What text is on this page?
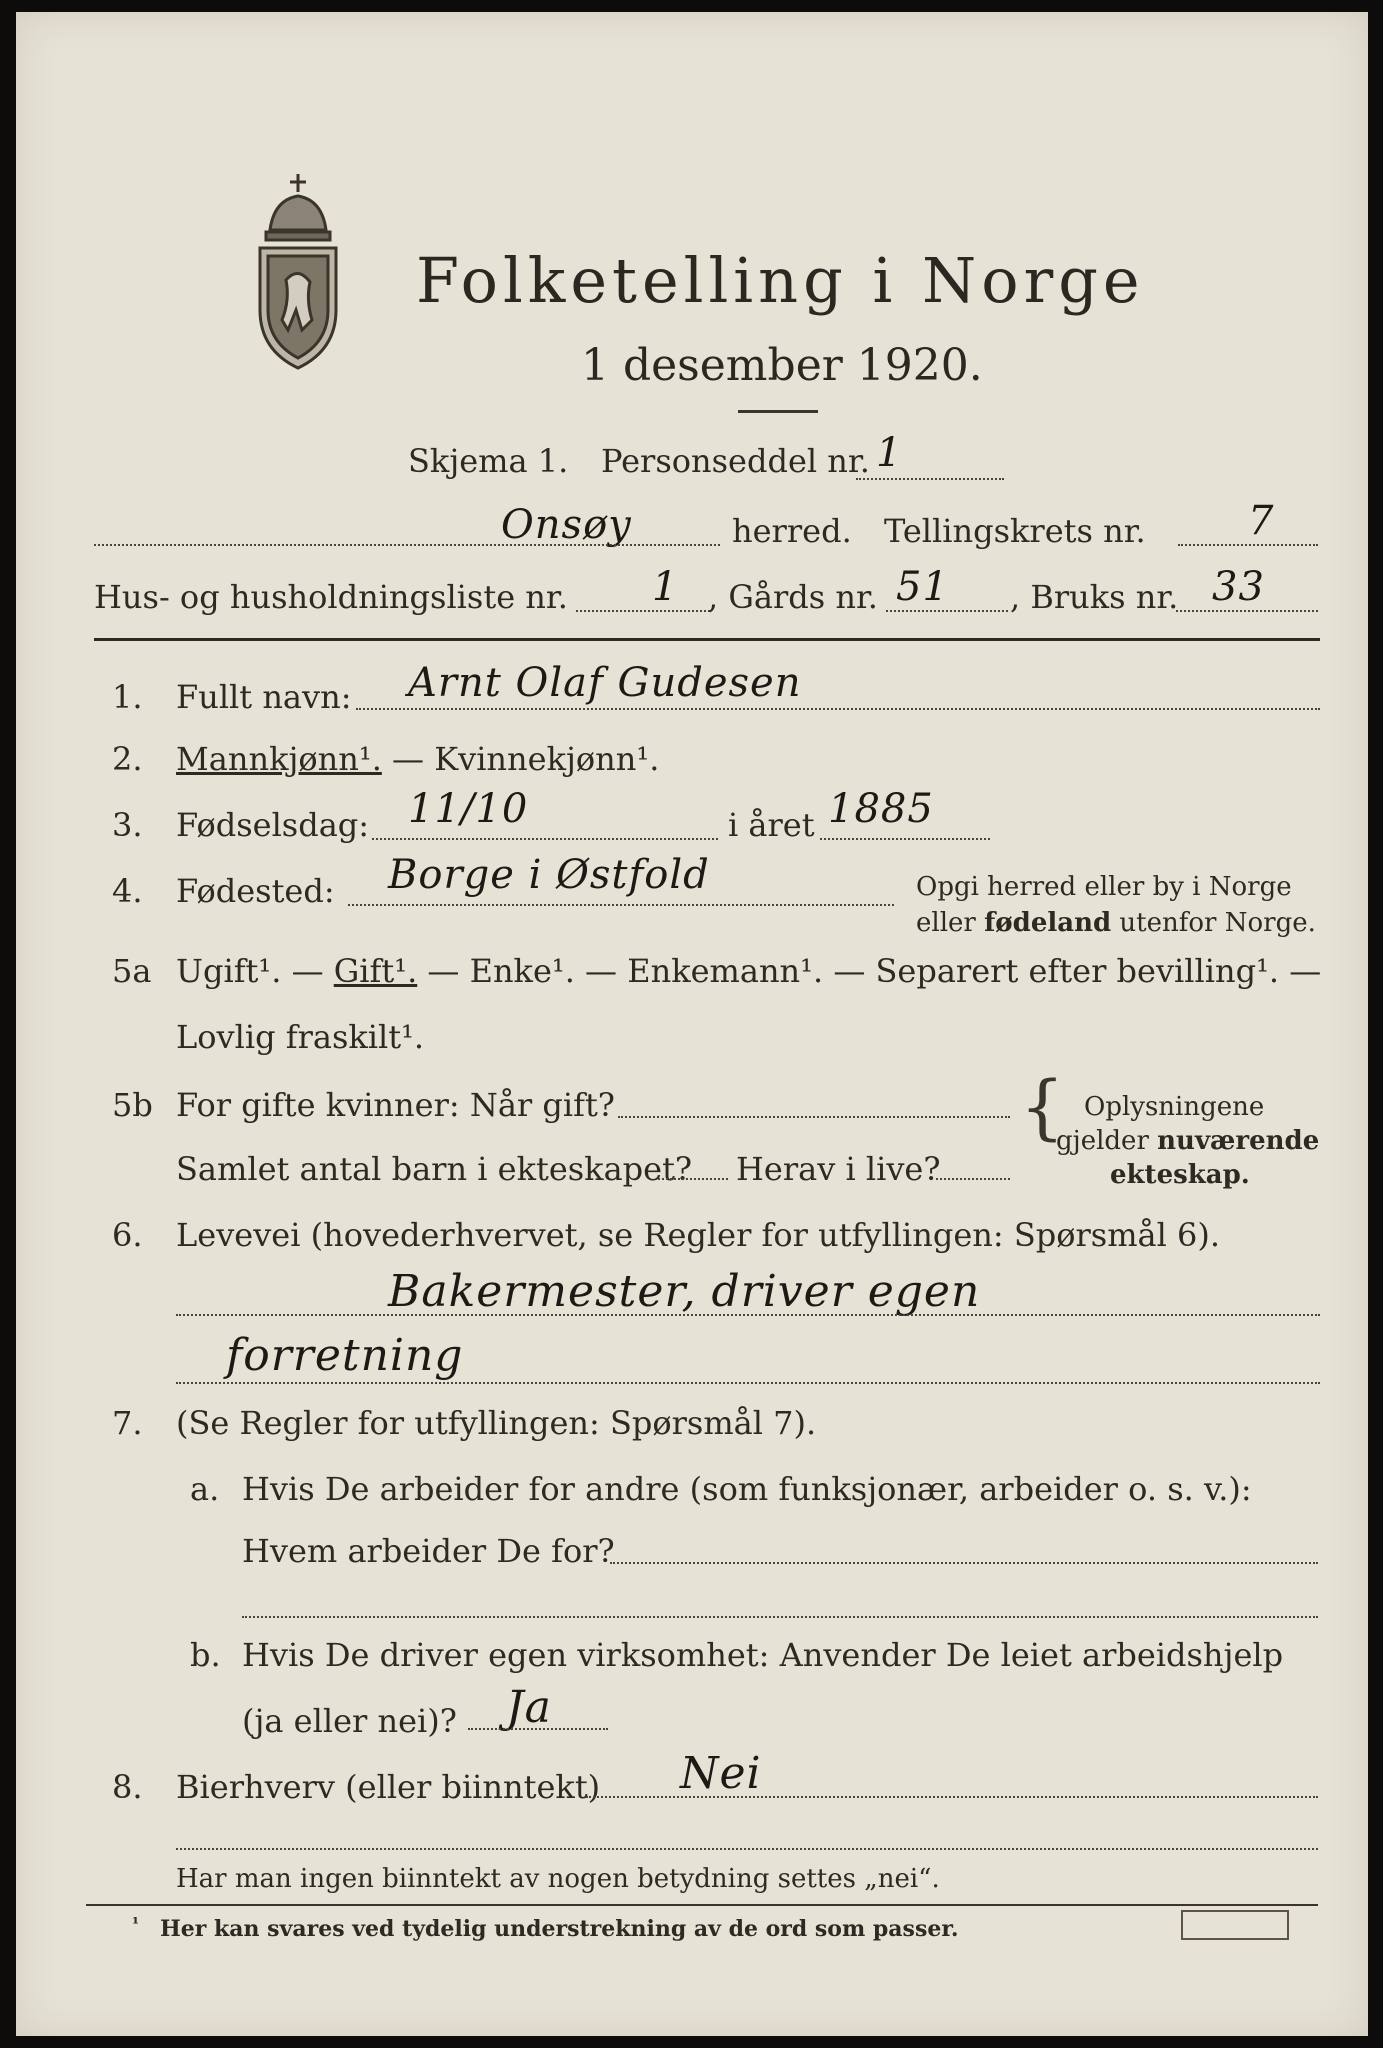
Folketelling i Norge
1 desember 1920.
Skjema 1. Personseddel nr. 1
Onsøy	herred. Tellingskrets nr.	7
Hus- og husholdningsliste nr. 1 , Gårds nr. 51 , Bruks nr. 33
1. Fullt navn: Arnt Olaf Gudesen
2. Mannkjønn¹. — Kvinnekjønn¹.
3. Fødselsdag: 11/10	i året 1885
4. Fødested: Borge i Østfold	Opgi herred eller by i Norge
eller fødeland utenfor Norge.
5a Ugift¹. — Gift¹. — Enke¹. — Enkemann¹. — Separert efter bevilling¹. —
Lovlig fraskilt¹.
5b For gifte kvinner: Når gift?
Samlet antal barn i ekteskapet? Herav i live?
{ Oplysningene
gjelder nuværende
ekteskap.
6. Levevei (hovederhvervet, se Regler for utfyllingen: Spørsmål 6).
Bakermester, driver egen
forretning
7. (Se Regler for utfyllingen: Spørsmål 7).
a. Hvis De arbeider for andre (som funksjonær, arbeider o. s. v.):
Hvem arbeider De for?
b. Hvis De driver egen virksomhet: Anvender De leiet arbeidshjelp
(ja eller nei)? Ja
8. Bierhverv (eller biinntekt) Nei
Har man ingen biinntekt av nogen betydning settes „nei“.
¹ Her kan svares ved tydelig understrekning av de ord som passer.
